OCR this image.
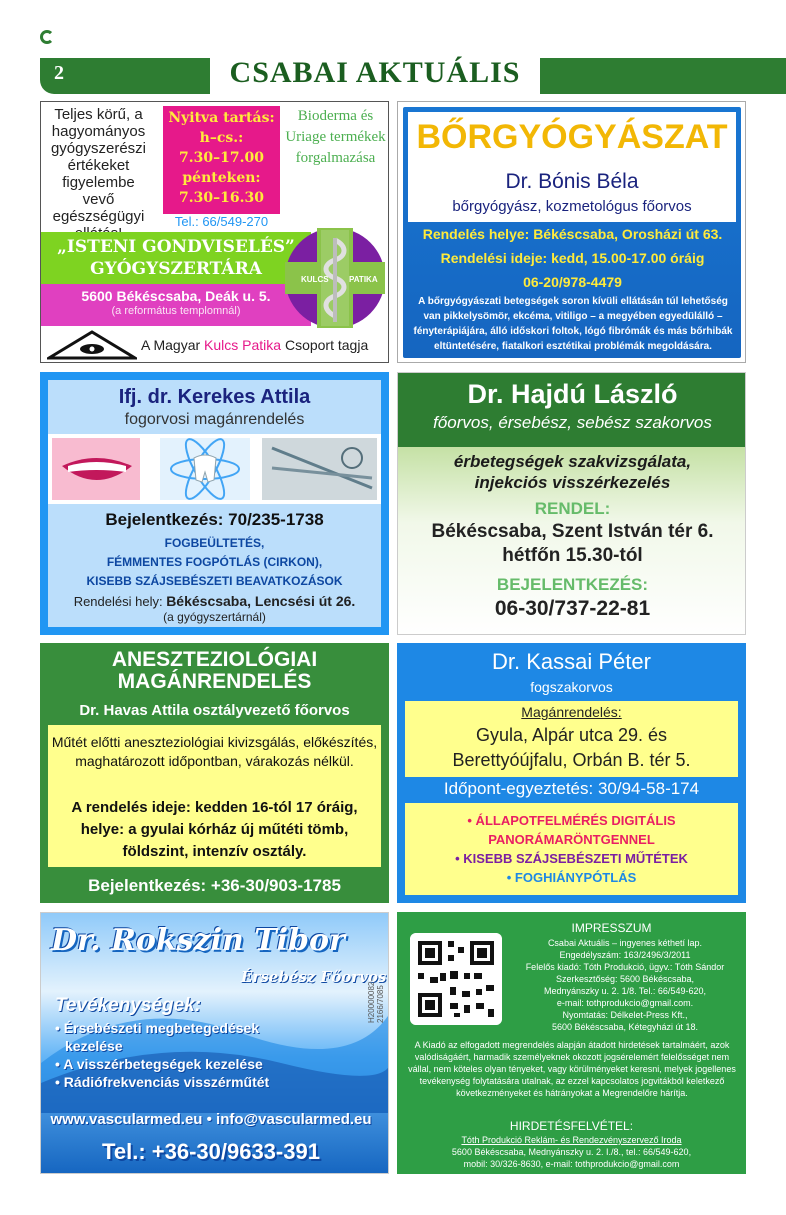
2	CSABAI AKTUÁLIS
Teljes körű, a hagyományos gyógyszerészi értékeket figyelembe vevő egészségügyi
Nyitva tartás:
h–cs.:
7.30–17.00
pénteken:
7.30–16.30
Tel.: 66/549-270
Bioderma és Uriage termékek forgalmazása
„ISTENI GONDVISELÉS”
GYÓGYSZERTÁRA
5600 Békéscsaba, Deák u. 5.
(a református templomnál)
KULCS	PATIKA
A Magyar Kulcs Patika Csoport tagja
BŐRGYÓGYÁSZAT
Dr. Bónis Béla
bőrgyógyász, kozmetológus főorvos
Rendelés helye: Békéscsaba, Orosházi út 63.
Rendelési ideje: kedd, 15.00-17.00 óráig
06-20/978-4479
A bőrgyógyászati betegségek soron kívüli ellátásán túl lehetőség van pikkelysömör, ekcéma, vitiligo – a megyében egyedülálló – fényterápiájára, álló időskori foltok, lógó fibrómák és más bőrhibák eltüntetésére, fiatalkori esztétikai problémák megoldására.
Ifj. dr. Kerekes Attila
fogorvosi magánrendelés
Bejelentkezés: 70/235-1738
FOGBEÜLTETÉS,
FÉMMENTES FOGPÓTLÁS (CIRKON),
KISEBB SZÁJSEBÉSZETI BEAVATKOZÁSOK
Rendelési hely: Békéscsaba, Lencsési út 26.
(a gyógyszertárnál)
Dr. Hajdú László
főorvos, érsebész, sebész szakorvos
érbetegségek szakvizsgálata,
injekciós visszérkezelés
RENDEL:
Békéscsaba, Szent István tér 6.
hétfőn 15.30-tól
BEJELENTKEZÉS:
06-30/737-22-81
ANESZTEZIOLÓGIAI
MAGÁNRENDELÉS
Dr. Havas Attila osztályvezető főorvos
Műtét előtti aneszteziológiai kivizsgálás, előkészítés, maghatározott időpontban, várakozás nélkül.
A rendelés ideje: kedden 16-tól 17 óráig, helye: a gyulai kórház új műtéti tömb, földszint, intenzív osztály.
Bejelentkezés: +36-30/903-1785
Dr. Kassai Péter
fogszakorvos
Magánrendelés:
Gyula, Alpár utca 29. és
Berettyóújfalu, Orbán B. tér 5.
Időpont-egyeztetés: 30/94-58-174
• ÁLLAPOTFELMÉRÉS DIGITÁLIS
PANORÁMARÖNTGENNEL
• KISEBB SZÁJSEBÉSZETI MŰTÉTEK
• FOGHIÁNYPÓTLÁS
Dr. Rokszin Tibor
Érsebész Főorvos
Tevékenységek:
• Érsebészeti megbetegedések
kezelése
• A visszérbetegségek kezelése
• Rádiófrekvenciás visszérműtét
H20000082-2166/7085
www.vascularmed.eu • info@vascularmed.eu
Tel.: +36-30/9633-391
IMPRESSZUM
Csabai Aktuális – ingyenes kéthetí lap.
Engedélyszám: 163/2496/3/2011
Felelős kiadó: Tóth Produkció, ügyv.: Tóth Sándor
Szerkesztőség: 5600 Békéscsaba,
Mednyánszky u. 2. 1/8. Tel.: 66/549-620,
e-mail: tothprodukcio@gmail.com.
Nyomtatás: Délkelet-Press Kft.,
5600 Békéscsaba, Kétegyházi út 18.
A Kiadó az elfogadott megrendelés alapján átadott hirdetések tartalmáért, azok valódiságáért, harmadik személyeknek okozott jogsérelemért felelősséget nem vállal, nem köteles olyan tényeket, vagy körülményeket keresni, melyek jogellenes tevékenység folytatására utalnak, az ezzel kapcsolatos jogvitákból keletkező következményeket és hátrányokat a Megrendelőre hárítja.
HIRDETÉSFELVÉTEL:
Tóth Produkció Reklám- és Rendezvényszervező Iroda
5600 Békéscsaba, Mednyánszky u. 2. I./8., tel.: 66/549-620,
mobil: 30/326-8630, e-mail: tothprodukcio@gmail.com
